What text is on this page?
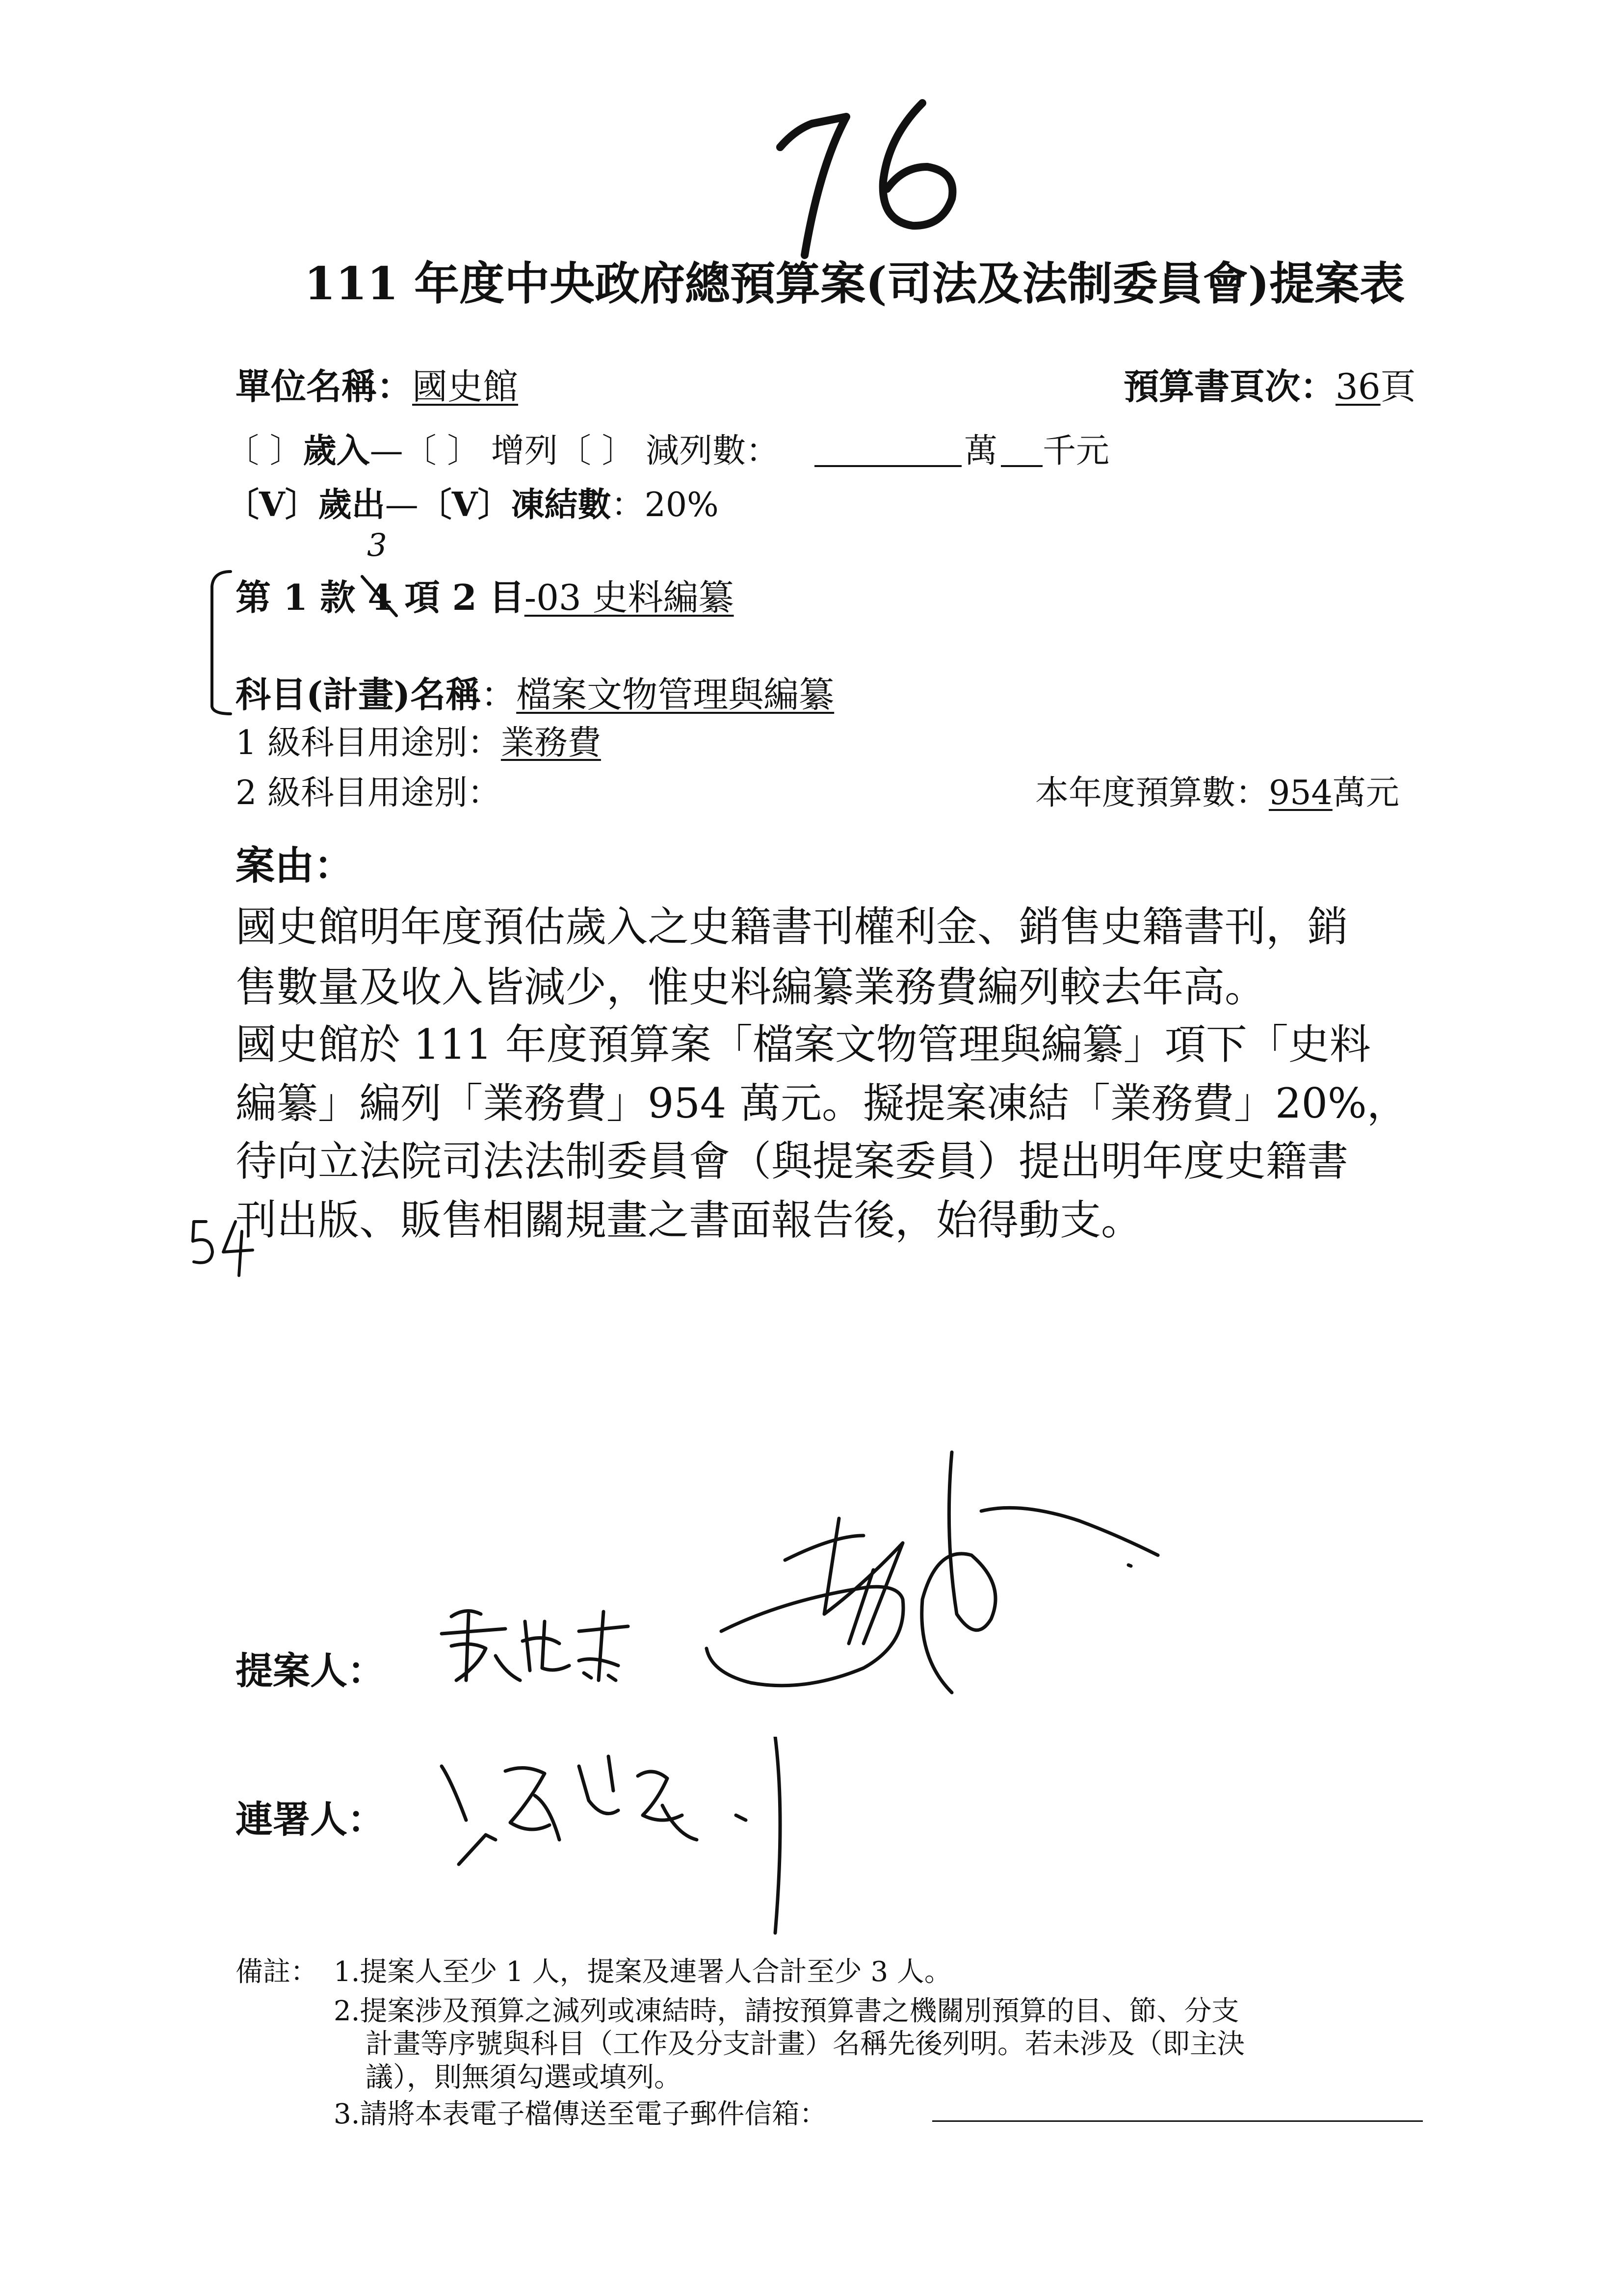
111 年度中央政府總預算案(司法及法制委員會)提案表
單位名稱：國史館	預算書頁次：36頁
〔 〕歲入—〔 〕 增列〔 〕 減列數：	萬 千元
〔V〕歲出—〔V〕凍結數：20%
第 1 款 4 項 2 目-03 史料編纂
3
科目(計畫)名稱：檔案文物管理與編纂
1 級科目用途別：業務費
2 級科目用途別：	本年度預算數：954萬元
案由：
國史館明年度預估歲入之史籍書刊權利金、銷售史籍書刊，銷
售數量及收入皆減少，惟史料編纂業務費編列較去年高。
國史館於 111 年度預算案「檔案文物管理與編纂」項下「史料
編纂」編列「業務費」954 萬元。擬提案凍結「業務費」20%，
待向立法院司法法制委員會（與提案委員）提出明年度史籍書
刊出版、販售相關規畫之書面報告後，始得動支。
提案人：
連署人：
備註： 1.提案人至少 1 人，提案及連署人合計至少 3 人。
2.提案涉及預算之減列或凍結時，請按預算書之機關別預算的目、節、分支
計畫等序號與科目（工作及分支計畫）名稱先後列明。若未涉及（即主決
議），則無須勾選或填列。
3.請將本表電子檔傳送至電子郵件信箱：
